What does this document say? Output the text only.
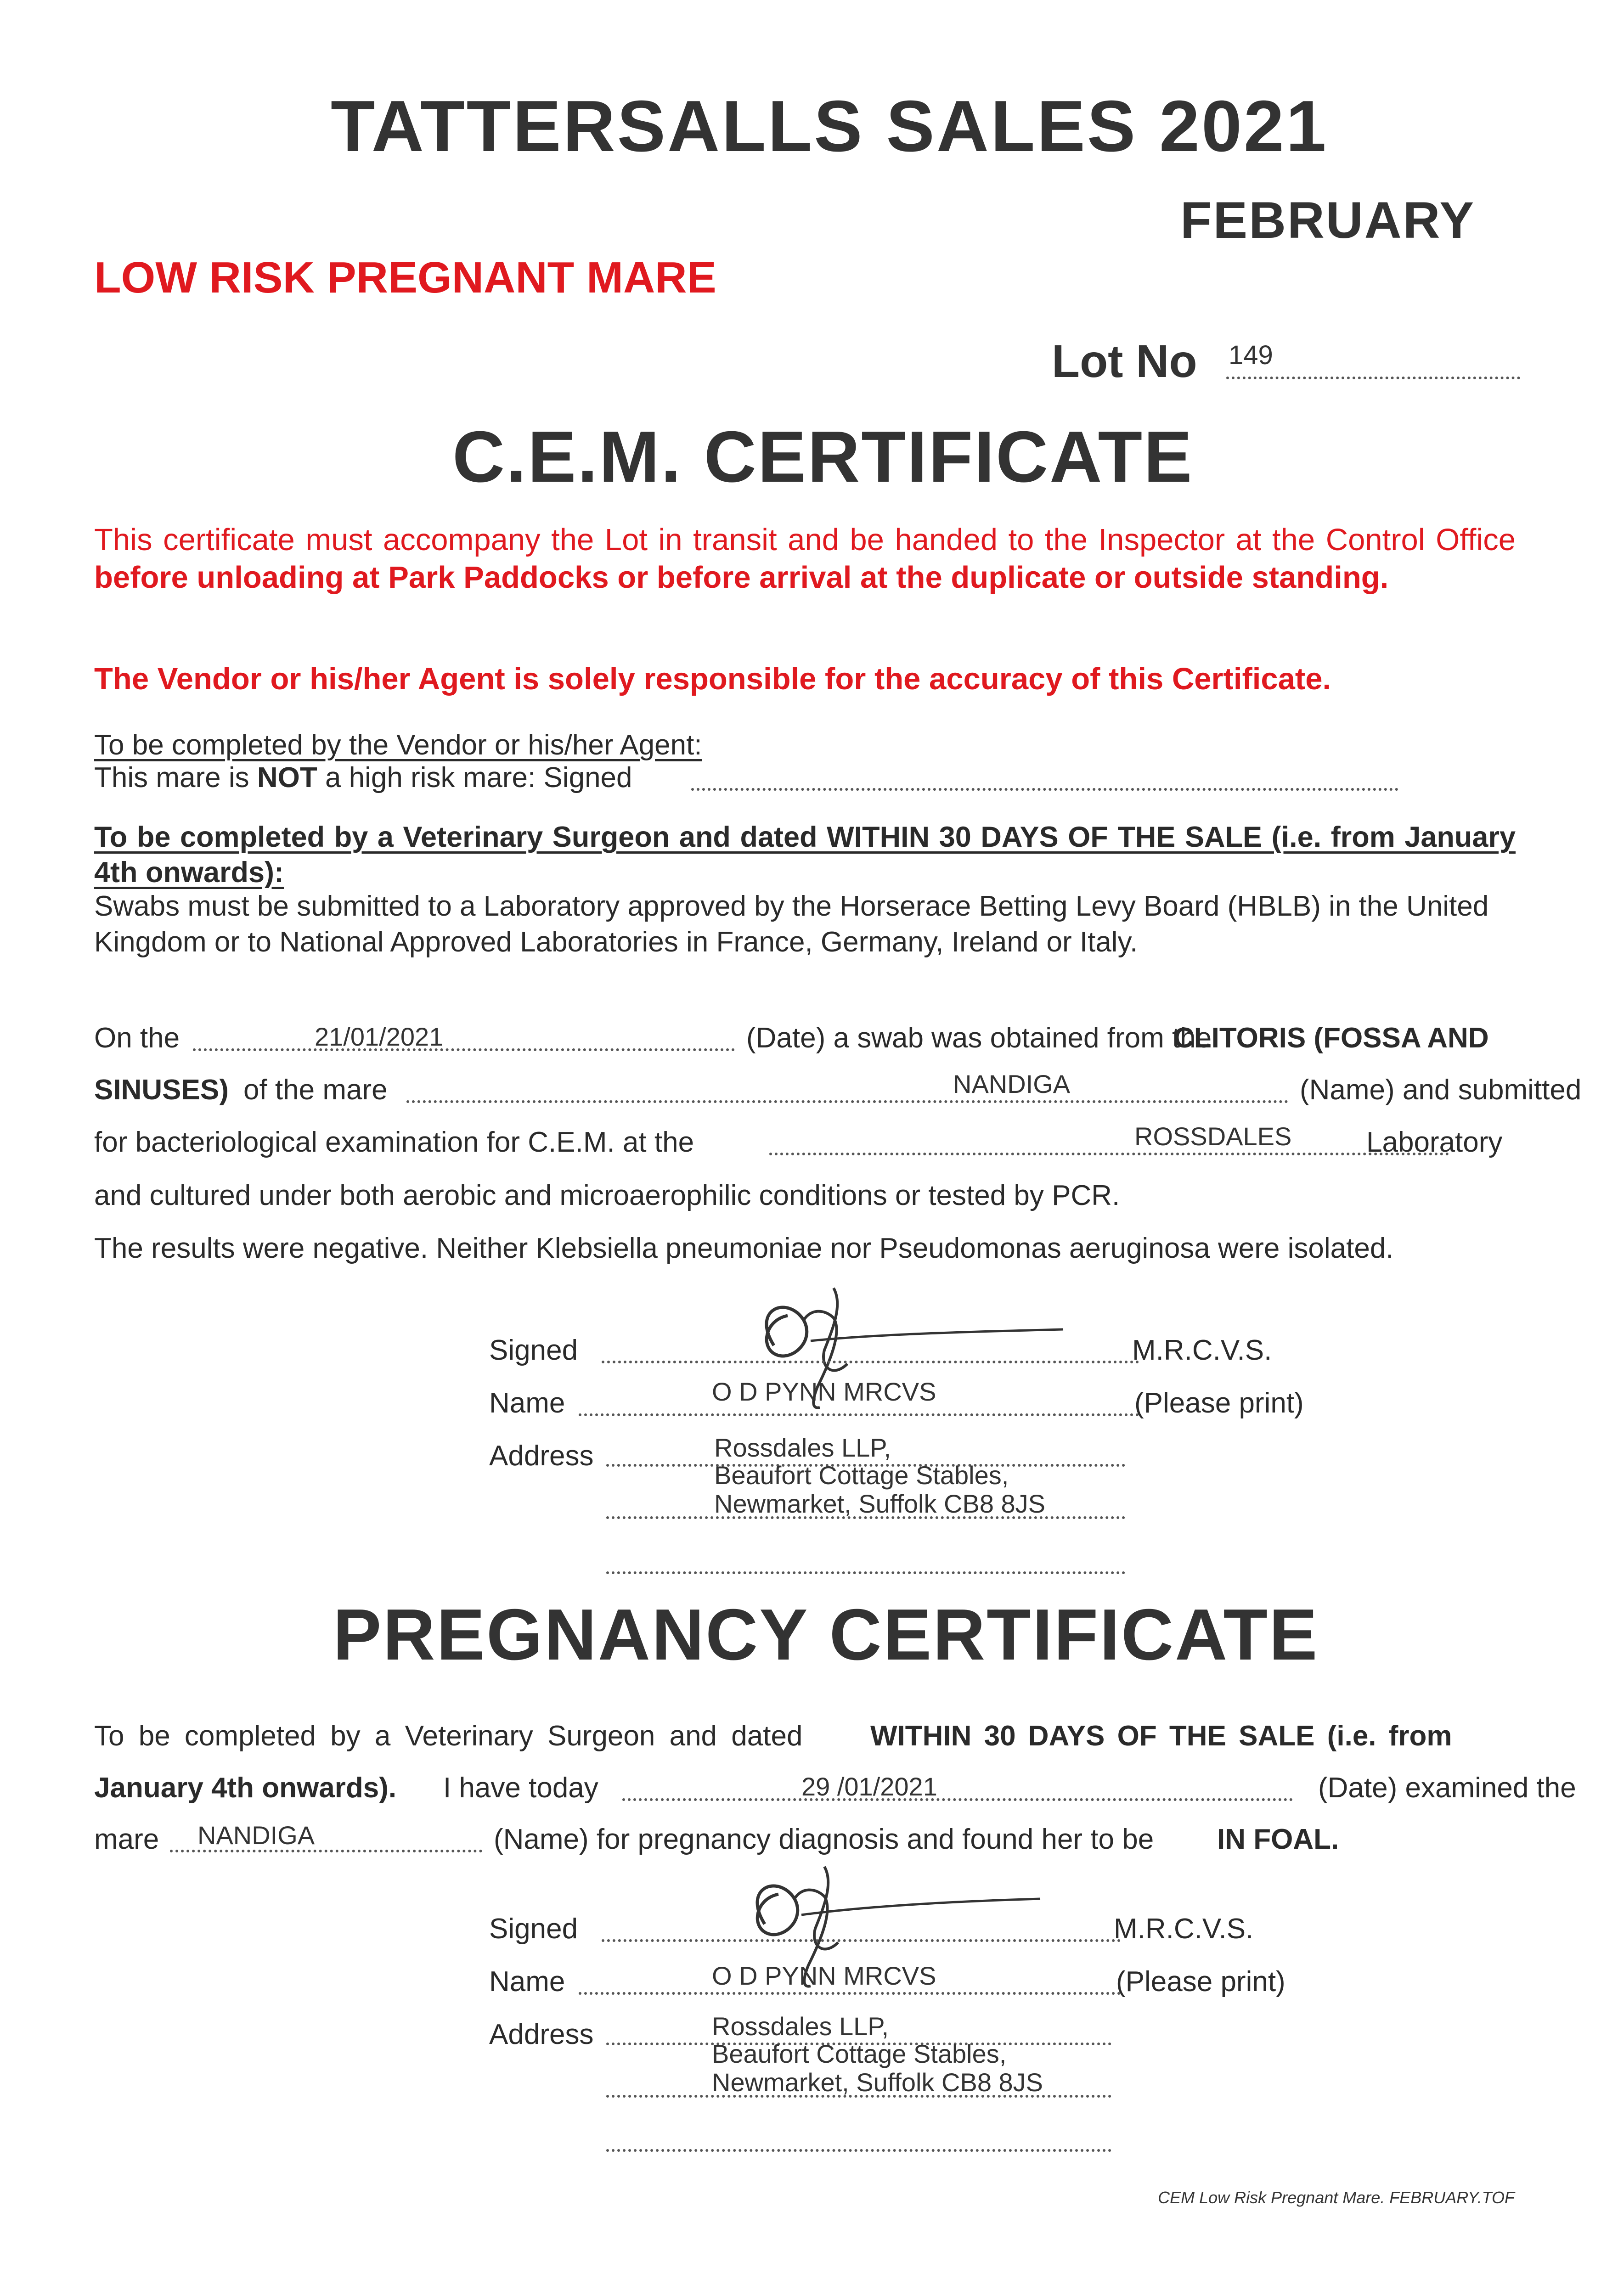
TATTERSALLS SALES 2021
FEBRUARY
LOW RISK PREGNANT MARE
Lot No 149
C.E.M. CERTIFICATE
This certificate must accompany the Lot in transit and be handed to the Inspector at the Control Office before unloading at Park Paddocks or before arrival at the duplicate or outside standing.
The Vendor or his/her Agent is solely responsible for the accuracy of this Certificate.
To be completed by the Vendor or his/her Agent:
This mare is NOT a high risk mare: Signed
To be completed by a Veterinary Surgeon and dated WITHIN 30 DAYS OF THE SALE (i.e. from January 4th onwards):
Swabs must be submitted to a Laboratory approved by the Horserace Betting Levy Board (HBLB) in the United Kingdom or to National Approved Laboratories in France, Germany, Ireland or Italy.
On the	21/01/2021	(Date) a swab was obtained from the
CLITORIS (FOSSA AND
SINUSES) of the mare	NANDIGA	(Name) and submitted
for bacteriological examination for C.E.M. at the	ROSSDALES	Laboratory
and cultured under both aerobic and microaerophilic conditions or tested by PCR.
The results were negative. Neither Klebsiella pneumoniae nor Pseudomonas aeruginosa were isolated.
Signed	M.R.C.V.S.
Name	O D PYNN MRCVS	(Please print)
Address	Rossdales LLP,
Beaufort Cottage Stables,
Newmarket, Suffolk CB8 8JS
PREGNANCY CERTIFICATE
To be completed by a Veterinary Surgeon and dated WITHIN 30 DAYS OF THE SALE (i.e. from
January 4th onwards). I have today	29 /01/2021	(Date) examined the
mare NANDIGA	(Name) for pregnancy diagnosis and found her to be IN FOAL.
Signed	M.R.C.V.S.
Name	O D PYNN MRCVS	(Please print)
Address	Rossdales LLP,
Beaufort Cottage Stables,
Newmarket, Suffolk CB8 8JS
CEM Low Risk Pregnant Mare. FEBRUARY.TOF
